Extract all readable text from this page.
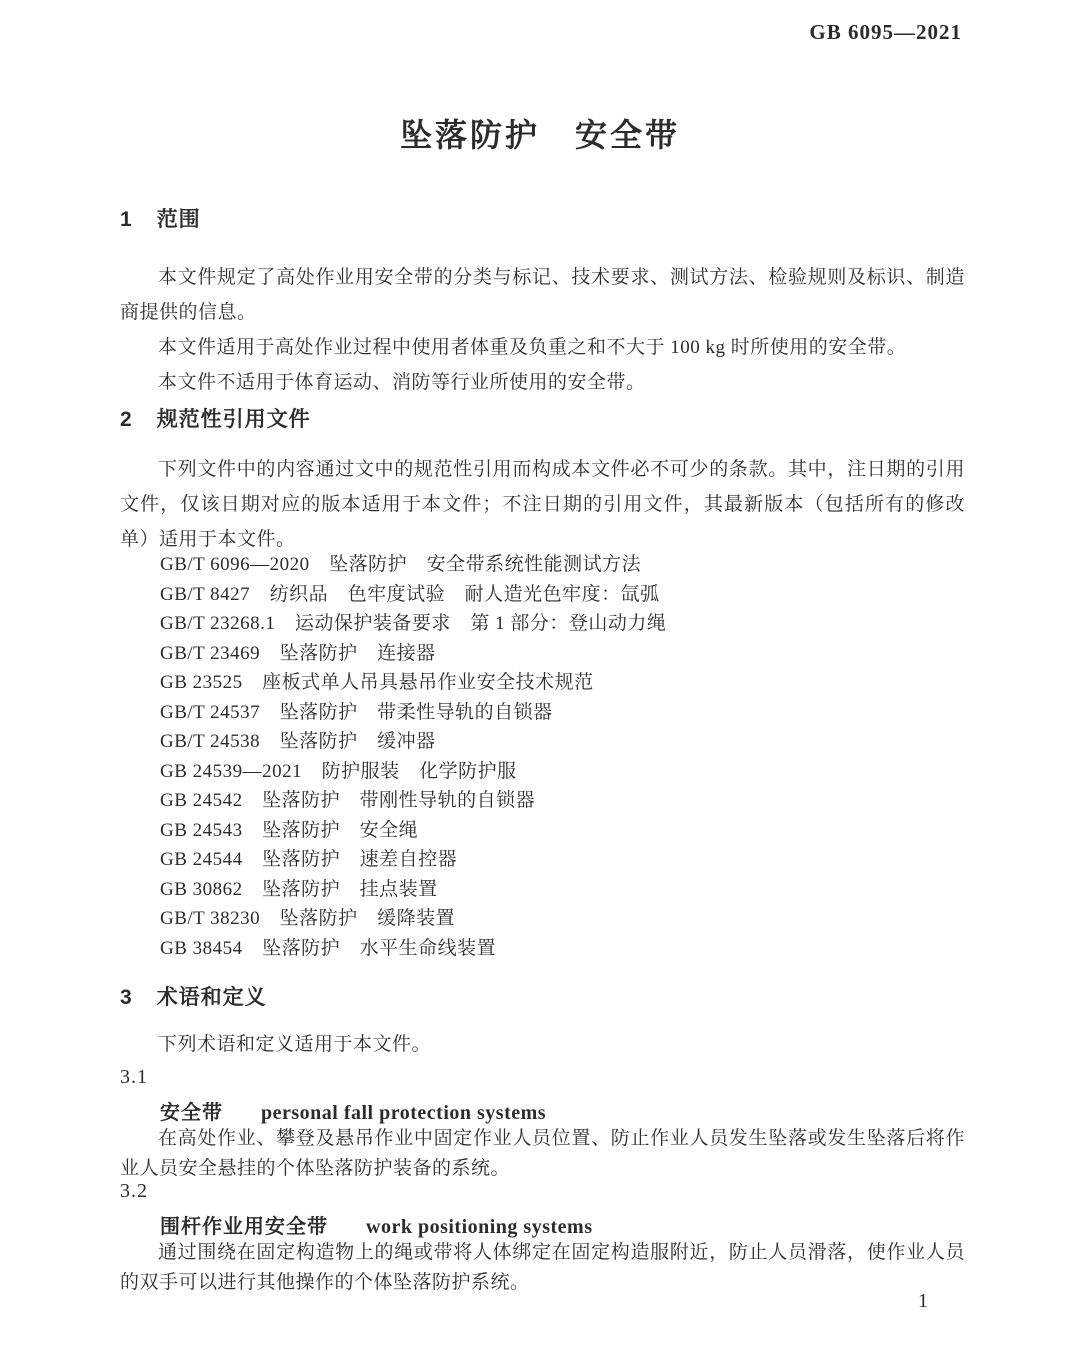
GB 6095—2021
坠落防护　安全带
1 范围

本文件规定了高处作业用安全带的分类与标记、技术要求、测试方法、检验规则及标识、制造商提供的信息。

本文件适用于高处作业过程中使用者体重及负重之和不大于 100 kg 时所使用的安全带。

本文件不适用于体育运动、消防等行业所使用的安全带。

2 规范性引用文件

下列文件中的内容通过文中的规范性引用而构成本文件必不可少的条款。其中，注日期的引用文件，仅该日期对应的版本适用于本文件；不注日期的引用文件，其最新版本（包括所有的修改单）适用于本文件。

GB/T 6096—2020　坠落防护　安全带系统性能测试方法
GB/T 8427　纺织品　色牢度试验　耐人造光色牢度：氙弧
GB/T 23268.1　运动保护装备要求　第 1 部分：登山动力绳
GB/T 23469　坠落防护　连接器
GB 23525　座板式单人吊具悬吊作业安全技术规范
GB/T 24537　坠落防护　带柔性导轨的自锁器
GB/T 24538　坠落防护　缓冲器
GB 24539—2021　防护服装　化学防护服
GB 24542　坠落防护　带刚性导轨的自锁器
GB 24543　坠落防护　安全绳
GB 24544　坠落防护　速差自控器
GB 30862　坠落防护　挂点装置
GB/T 38230　坠落防护　缓降装置
GB 38454　坠落防护　水平生命线装置
3 术语和定义

下列术语和定义适用于本文件。

3.1
安全带 personal fall protection systems

在高处作业、攀登及悬吊作业中固定作业人员位置、防止作业人员发生坠落或发生坠落后将作业人员安全悬挂的个体坠落防护装备的系统。

3.2
围杆作业用安全带 work positioning systems

通过围绕在固定构造物上的绳或带将人体绑定在固定构造服附近，防止人员滑落，使作业人员的双手可以进行其他操作的个体坠落防护系统。

1
